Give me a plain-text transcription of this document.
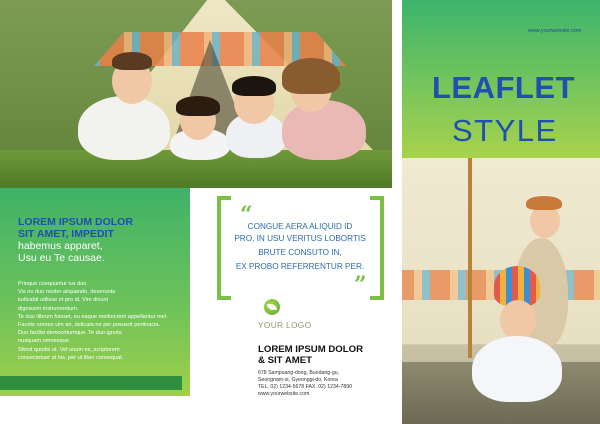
LOREM IPSUM DOLOR
SIT AMET, IMPEDIT
habemus apparet,
Usu eu Te causae.
Prioque coequuntur ius duo
Vis no duo noster aliquando, deserunta
iudicabit utilisse et pro id. Vim dicunt
dignissim instrumentum.
Te duo ilibrum fuisset, eu eaque mediocrem appellantur mel.
Facete omnes vim an, delicata ne per posuerit pertinacia.
Duo facilisi democritumque. Te duo ignota
nusquam omnesque.
Sfenit quodsi ut. Vel unum ex, scriptorem
consectetuer at his, per ut liber consequat.
“
”
CONGUE AERA ALIQUID ID
PRO, IN USU VERITUS LOBORTIS
BRUTE CONSUTO IN,
EX PROBO REFERRENTUR PER.
YOUR LOGO
LOREM IPSUM DOLOR
& SIT AMET
678 Sampuang-dong, Bundang-gu,
Seongnam-si, Gyeonggi-do, Korea
TEL. 02) 1234-5678 FAX. 02) 1234-7890
www.yourwebsite.com
www.yourwebsite.com
LEAFLET
STYLE
